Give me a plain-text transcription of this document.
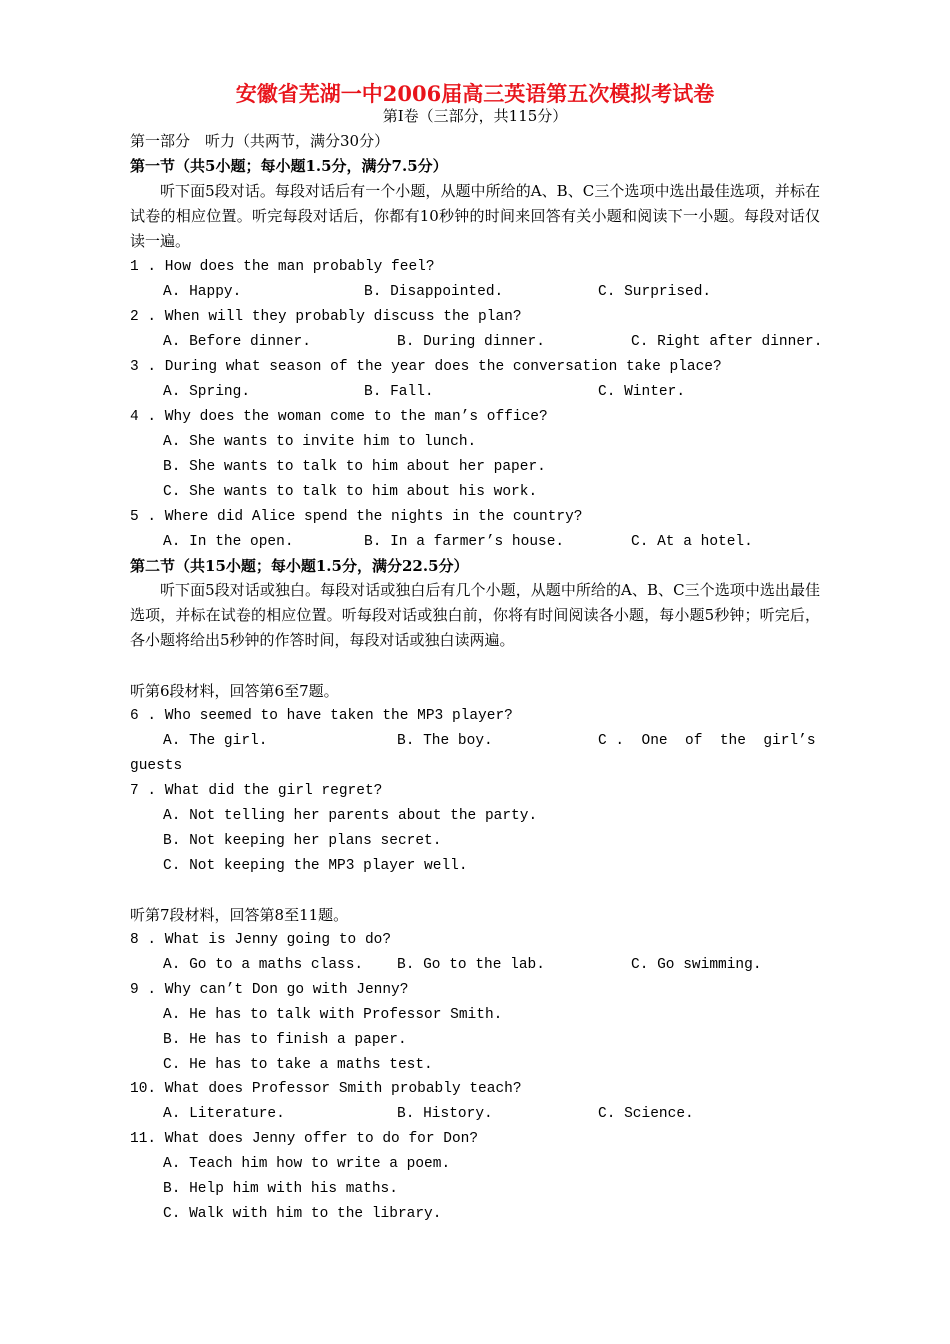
安徽省芜湖一中2006届高三英语第五次模拟考试卷
第Ⅰ卷（三部分，共115分）
第一部分　听力（共两节，满分30分）
第一节（共5小题；每小题1.5分，满分7.5分）
听下面5段对话。每段对话后有一个小题，从题中所给的A、B、C三个选项中选出最佳选项，并标在试卷的相应位置。听完每段对话后，你都有10秒钟的时间来回答有关小题和阅读下一小题。每段对话仅读一遍。
1 . How does the man probably feel?
A. Happy.	B. Disappointed.	C. Surprised.
2 . When will they probably discuss the plan?
A. Before dinner.	B. During dinner.	C. Right after dinner.
3 . During what season of the year does the conversation take place?
A. Spring.	B. Fall.	C. Winter.
4 . Why does the woman come to the man’s office?
A. She wants to invite him to lunch.
B. She wants to talk to him about her paper.
C. She wants to talk to him about his work.
5 . Where did Alice spend the nights in the country?
A. In the open.	B. In a farmer’s house.	C. At a hotel.
第二节（共15小题；每小题1.5分，满分22.5分）
听下面5段对话或独白。每段对话或独白后有几个小题，从题中所给的A、B、C三个选项中选出最佳选项，并标在试卷的相应位置。听每段对话或独白前，你将有时间阅读各小题，每小题5秒钟；听完后，各小题将给出5秒钟的作答时间，每段对话或独白读两遍。
听第6段材料，回答第6至7题。
6 . Who seemed to have taken the MP3 player?
A. The girl.	B. The boy.	C .  One  of  the  girl’s
guests
7 . What did the girl regret?
A. Not telling her parents about the party.
B. Not keeping her plans secret.
C. Not keeping the MP3 player well.
听第7段材料，回答第8至11题。
8 . What is Jenny going to do?
A. Go to a maths class. B. Go to the lab.	C. Go swimming.
9 . Why can’t Don go with Jenny?
A. He has to talk with Professor Smith.
B. He has to finish a paper.
C. He has to take a maths test.
10. What does Professor Smith probably teach?
A. Literature.	B. History.	C. Science.
11. What does Jenny offer to do for Don?
A. Teach him how to write a poem.
B. Help him with his maths.
C. Walk with him to the library.
